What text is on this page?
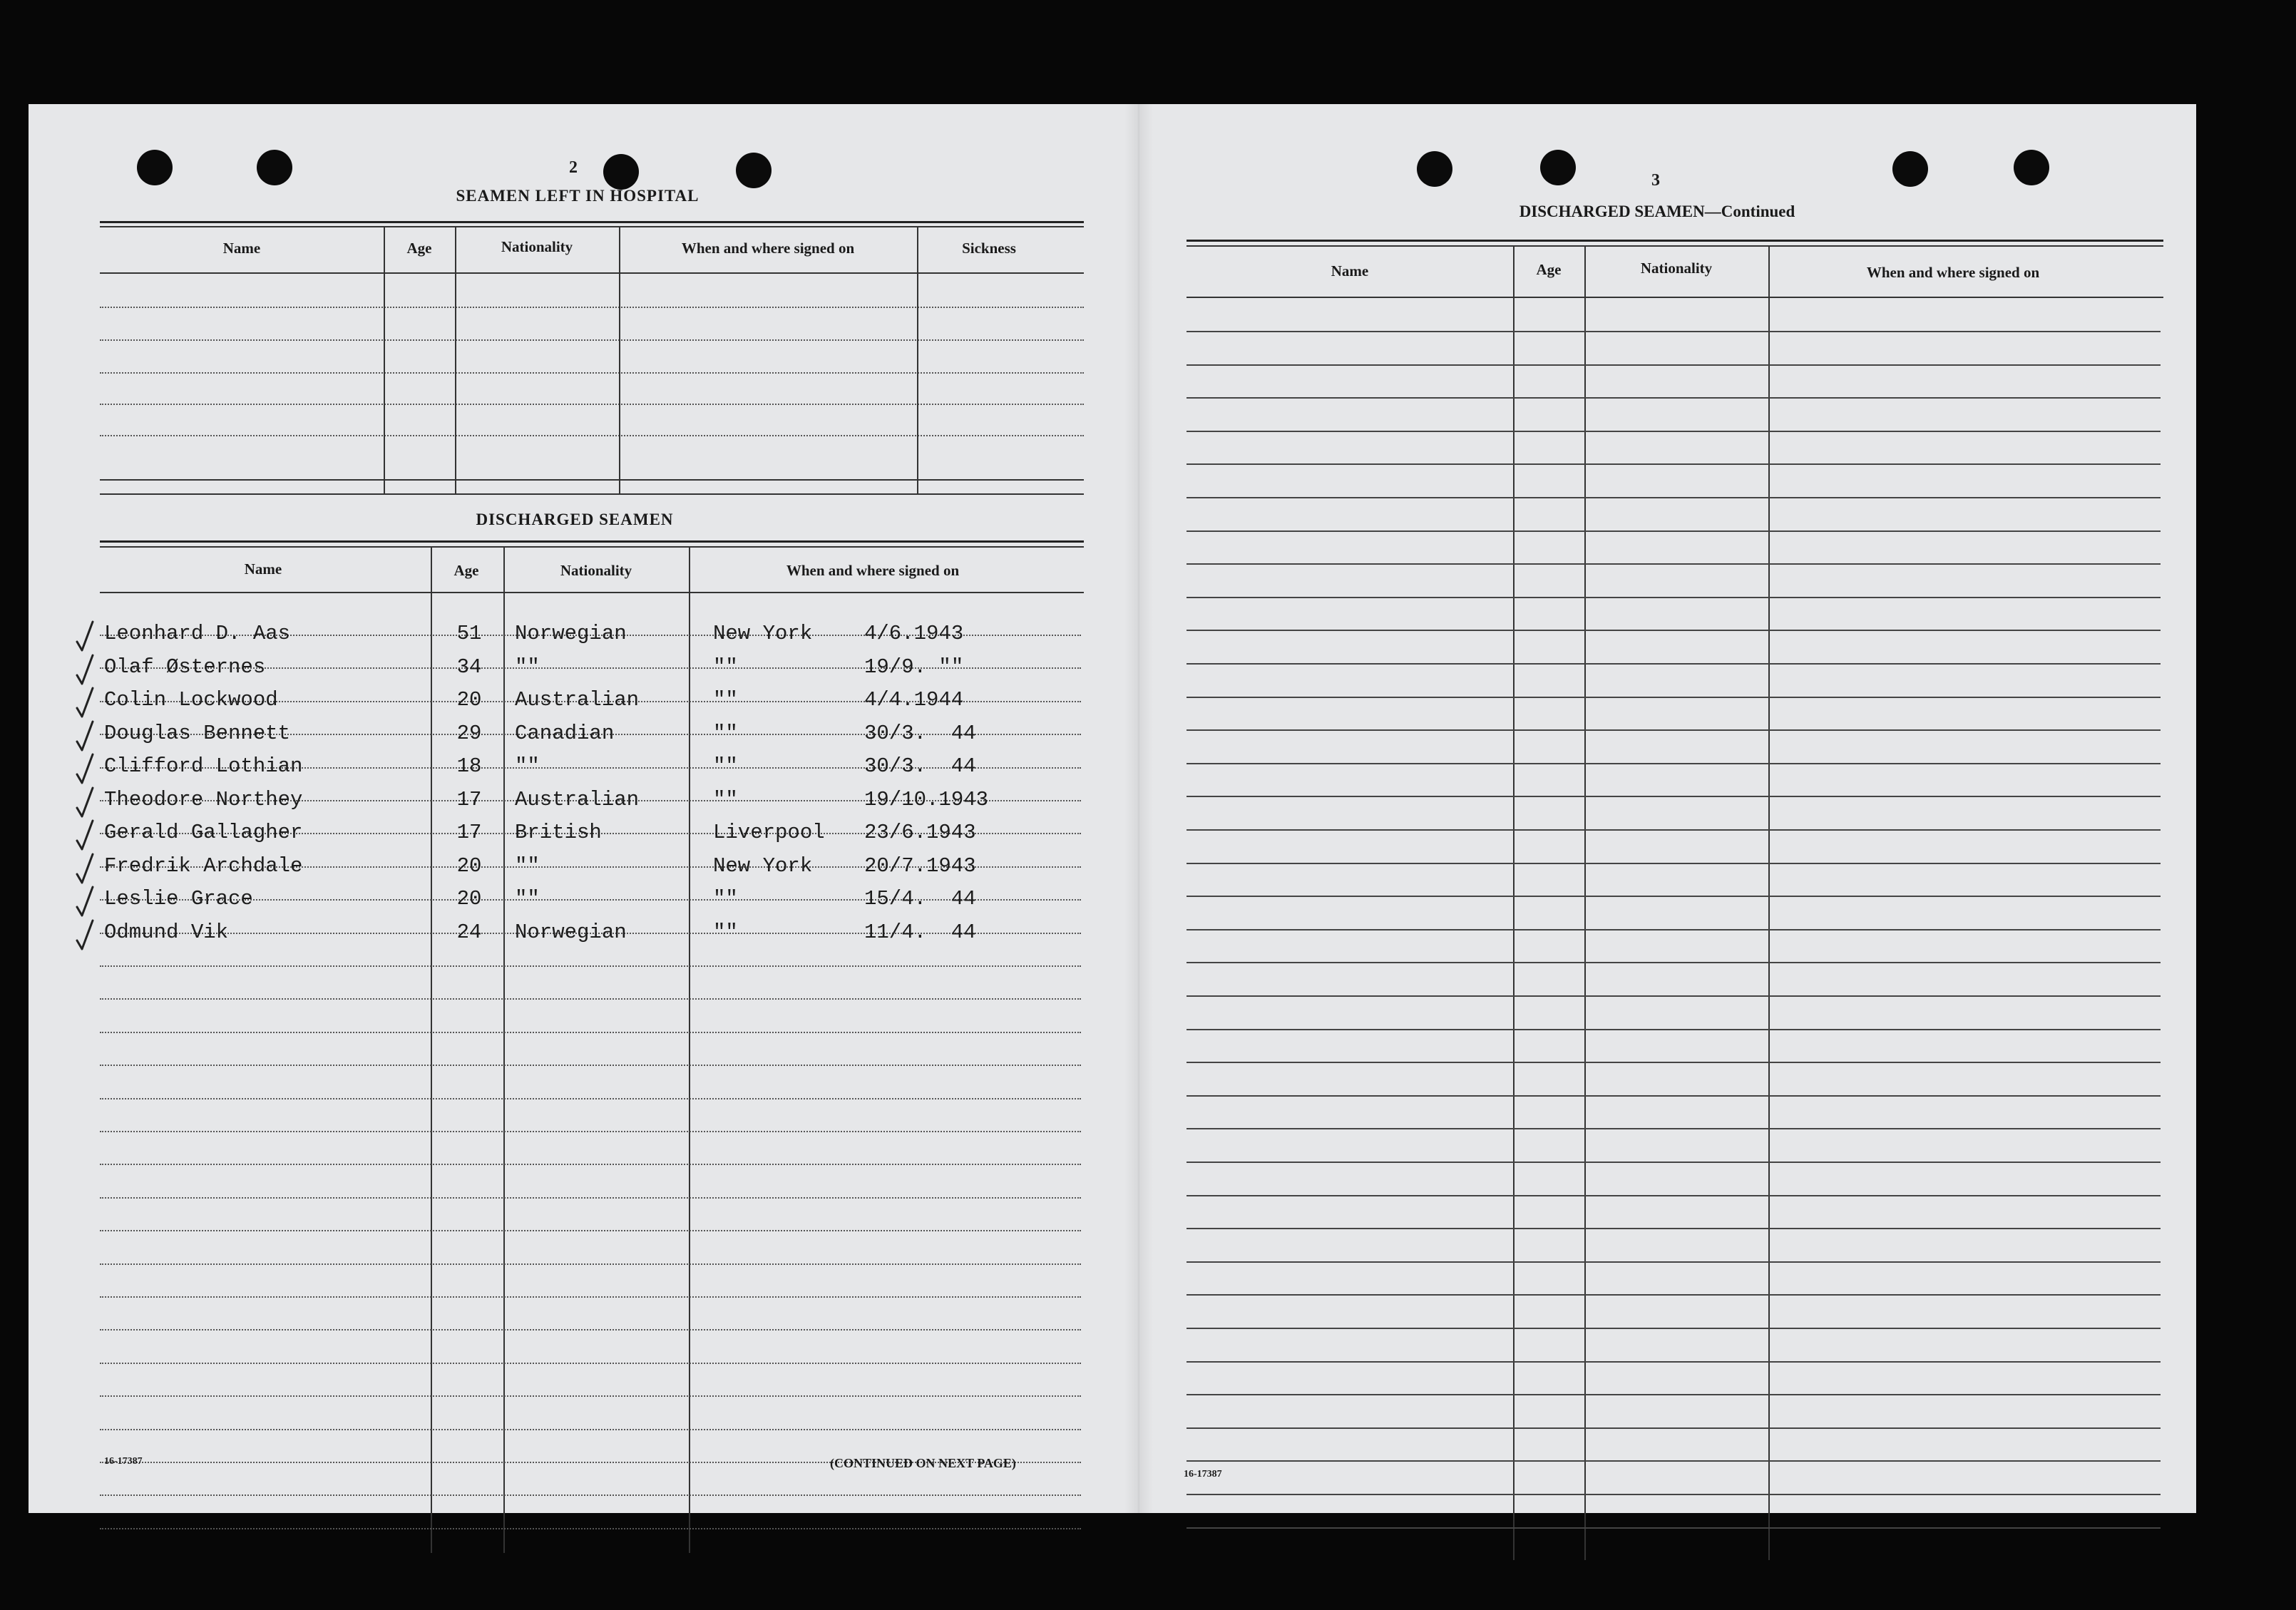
2
SEAMEN LEFT IN HOSPITAL
Name	Age	Nationality	When and where signed on	Sickness
DISCHARGED SEAMEN
Name	Age	Nationality	When and where signed on
Leonhard D. Aas	51 Norwegian	New York	4/6.1943
Olaf Østernes	34 ""	""	19/9. ""
Colin Lockwood	20 Australian	""	4/4.1944
Douglas Bennett	29 Canadian	""	30/3.  44
Clifford Lothian	18 ""	""	30/3.  44
Theodore Northey	17 Australian	""	19/10.1943
Gerald Gallagher	17 British	Liverpool 23/6.1943
Fredrik Archdale	20 ""	New York	20/7.1943
Leslie Grace	20 ""	""	15/4.  44
Odmund Vik	24 Norwegian	""	11/4.  44
16-17387	(CONTINUED ON NEXT PAGE)
3
DISCHARGED SEAMEN—Continued
Name	Age	Nationality	When and where signed on
16-17387
